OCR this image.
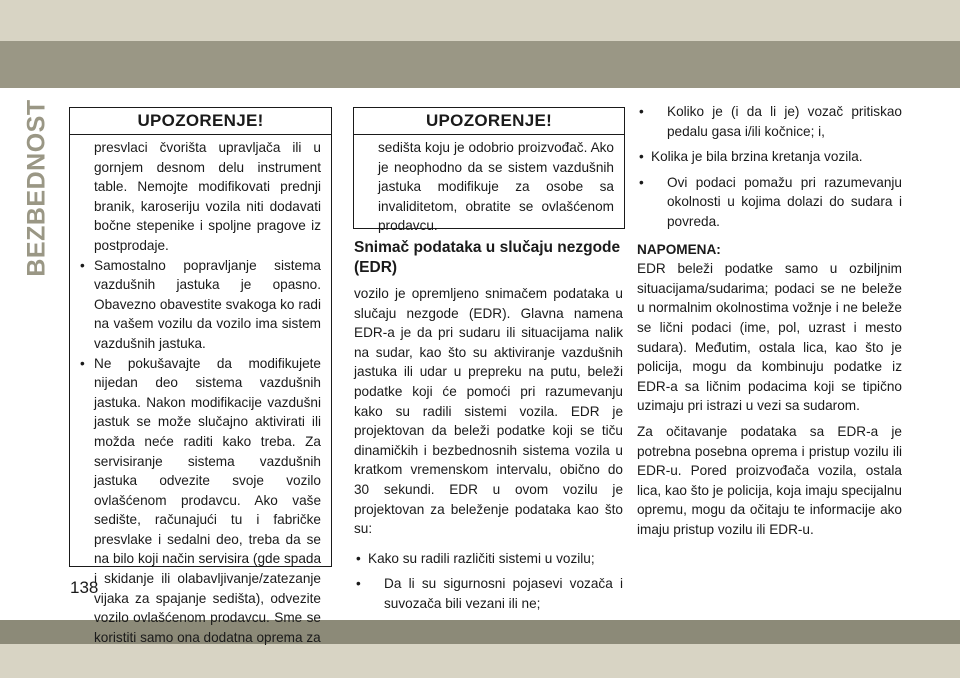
BEZBEDNOST
138
UPOZORENJE!

presvlaci čvorišta upravljača ili u gornjem desnom delu instrument table. Nemojte modifikovati prednji branik, karoseriju vozila niti dodavati bočne stepenike i spoljne pragove iz postprodaje.

• Samostalno popravljanje sistema vazdušnih jastuka je opasno. Obavezno obavestite svakoga ko radi na vašem vozilu da vozilo ima sistem vazdušnih jastuka.
• Ne pokušavajte da modifikujete nijedan deo sistema vazdušnih jastuka. Nakon modifikacije vazdušni jastuk se može slučajno aktivirati ili možda neće raditi kako treba. Za servisiranje sistema vazdušnih jastuka odvezite svoje vozilo ovlašćenom prodavcu. Ako vaše sedište, računajući tu i fabričke presvlake i sedalni deo, treba da se na bilo koji način servisira (gde spada i skidanje ili olabavljivanje/zatezanje vijaka za spajanje sedišta), odvezite vozilo ovlašćenom prodavcu. Sme se koristiti samo ona dodatna oprema za
UPOZORENJE!

sedišta koju je odobrio proizvođač. Ako je neophodno da se sistem vazdušnih jastuka modifikuje za osobe sa invaliditetom, obratite se ovlašćenom prodavcu.

Snimač podataka u slučaju nezgode (EDR)

vozilo je opremljeno snimačem podataka u slučaju nezgode (EDR). Glavna namena EDR-a je da pri sudaru ili situacijama nalik na sudar, kao što su aktiviranje vazdušnih jastuka ili udar u prepreku na putu, beleži podatke koji će pomoći pri razumevanju kako su radili sistemi vozila. EDR je projektovan da beleži podatke koji se tiču dinamičkih i bezbednosnih sistema vozila u kratkom vremenskom intervalu, obično do 30 sekundi. EDR u ovom vozilu je projektovan za beleženje podataka kao što su:

• Kako su radili različiti sistemi u vozilu;
• Da li su sigurnosni pojasevi vozača i suvozača bili vezani ili ne;
• Koliko je (i da li je) vozač pritiskao pedalu gasa i/ili kočnice; i,
• Kolika je bila brzina kretanja vozila.
• Ovi podaci pomažu pri razumevanju okolnosti u kojima dolazi do sudara i povreda.

NAPOMENA:

EDR beleži podatke samo u ozbiljnim situacijama/sudarima; podaci se ne beleže u normalnim okolnostima vožnje i ne beleže se lični podaci (ime, pol, uzrast i mesto sudara). Međutim, ostala lica, kao što je policija, mogu da kombinuju podatke iz EDR-a sa ličnim podacima koji se tipično uzimaju pri istrazi u vezi sa sudarom.

Za očitavanje podataka sa EDR-a je potrebna posebna oprema i pristup vozilu ili EDR-u. Pored proizvođača vozila, ostala lica, kao što je policija, koja imaju specijalnu opremu, mogu da očitaju te informacije ako imaju pristup vozilu ili EDR-u.
